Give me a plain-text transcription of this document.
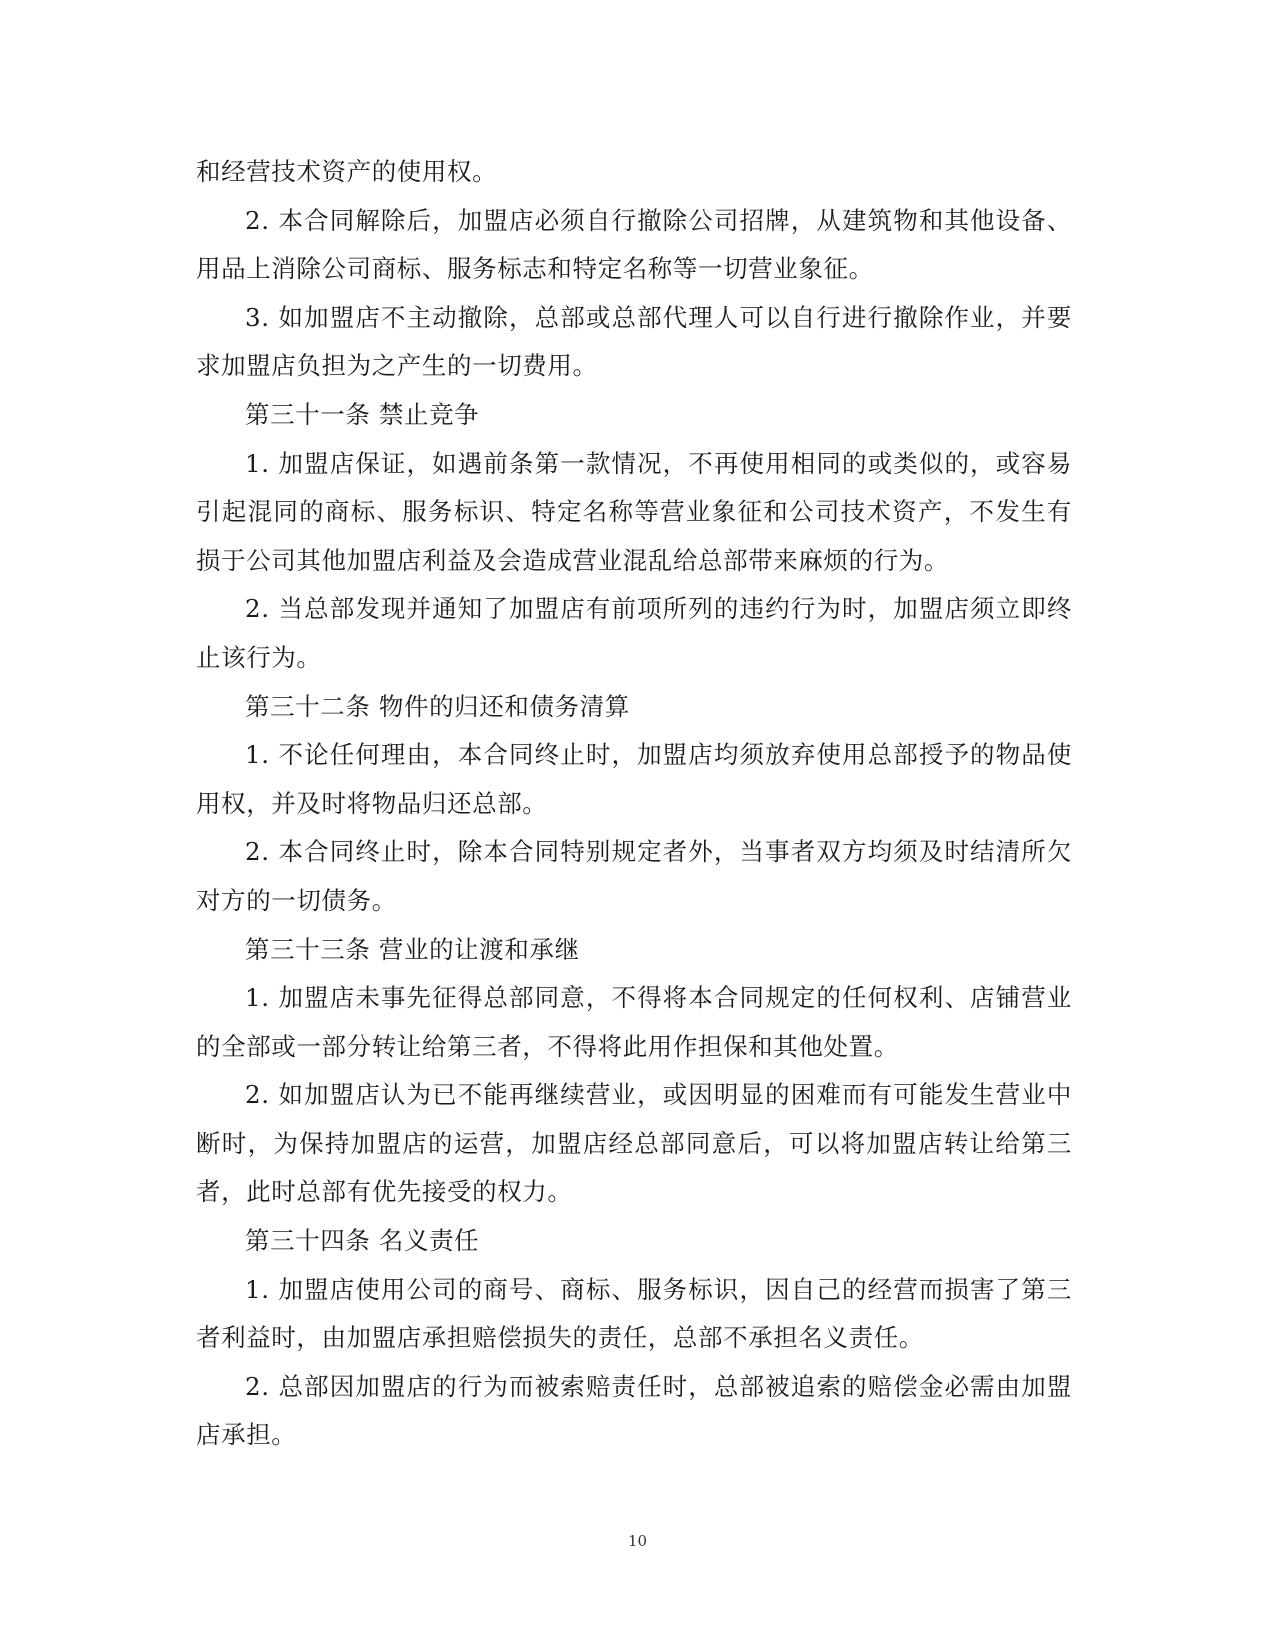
和经营技术资产的使用权。

2. 本合同解除后，加盟店必须自行撤除公司招牌，从建筑物和其他设备、用品上消除公司商标、服务标志和特定名称等一切营业象征。

3. 如加盟店不主动撤除，总部或总部代理人可以自行进行撤除作业，并要求加盟店负担为之产生的一切费用。

第三十一条 禁止竞争

1. 加盟店保证，如遇前条第一款情况，不再使用相同的或类似的，或容易引起混同的商标、服务标识、特定名称等营业象征和公司技术资产，不发生有损于公司其他加盟店利益及会造成营业混乱给总部带来麻烦的行为。

2. 当总部发现并通知了加盟店有前项所列的违约行为时，加盟店须立即终止该行为。

第三十二条 物件的归还和债务清算

1. 不论任何理由，本合同终止时，加盟店均须放弃使用总部授予的物品使用权，并及时将物品归还总部。

2. 本合同终止时，除本合同特别规定者外，当事者双方均须及时结清所欠对方的一切债务。

第三十三条 营业的让渡和承继

1. 加盟店未事先征得总部同意，不得将本合同规定的任何权利、店铺营业的全部或一部分转让给第三者，不得将此用作担保和其他处置。

2. 如加盟店认为已不能再继续营业，或因明显的困难而有可能发生营业中断时，为保持加盟店的运营，加盟店经总部同意后，可以将加盟店转让给第三者，此时总部有优先接受的权力。

第三十四条 名义责任

1. 加盟店使用公司的商号、商标、服务标识，因自己的经营而损害了第三者利益时，由加盟店承担赔偿损失的责任，总部不承担名义责任。

2. 总部因加盟店的行为而被索赔责任时，总部被追索的赔偿金必需由加盟店承担。

10
